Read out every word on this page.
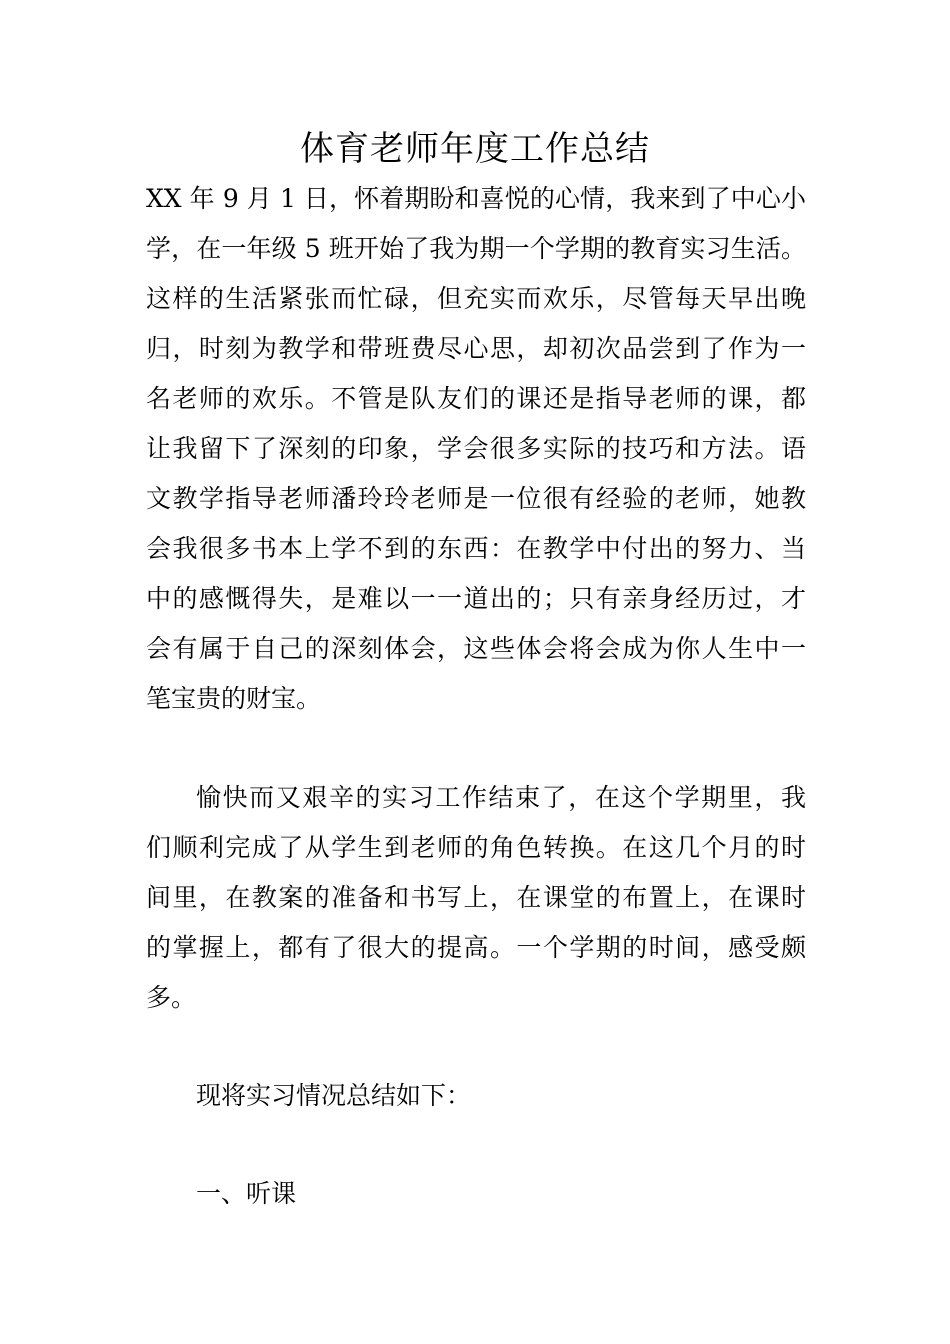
体育老师年度工作总结
XX 年 9 月 1 日，怀着期盼和喜悦的心情，我来到了中心小
学，在一年级 5 班开始了我为期一个学期的教育实习生活。
这样的生活紧张而忙碌，但充实而欢乐，尽管每天早出晚
归，时刻为教学和带班费尽心思，却初次品尝到了作为一
名老师的欢乐。不管是队友们的课还是指导老师的课，都
让我留下了深刻的印象，学会很多实际的技巧和方法。语
文教学指导老师潘玲玲老师是一位很有经验的老师，她教
会我很多书本上学不到的东西：在教学中付出的努力、当
中的感慨得失，是难以一一道出的；只有亲身经历过，才
会有属于自己的深刻体会，这些体会将会成为你人生中一
笔宝贵的财宝。
愉快而又艰辛的实习工作结束了，在这个学期里，我
们顺利完成了从学生到老师的角色转换。在这几个月的时
间里，在教案的准备和书写上，在课堂的布置上，在课时
的掌握上，都有了很大的提高。一个学期的时间，感受颇
多。
现将实习情况总结如下：
一、听课
